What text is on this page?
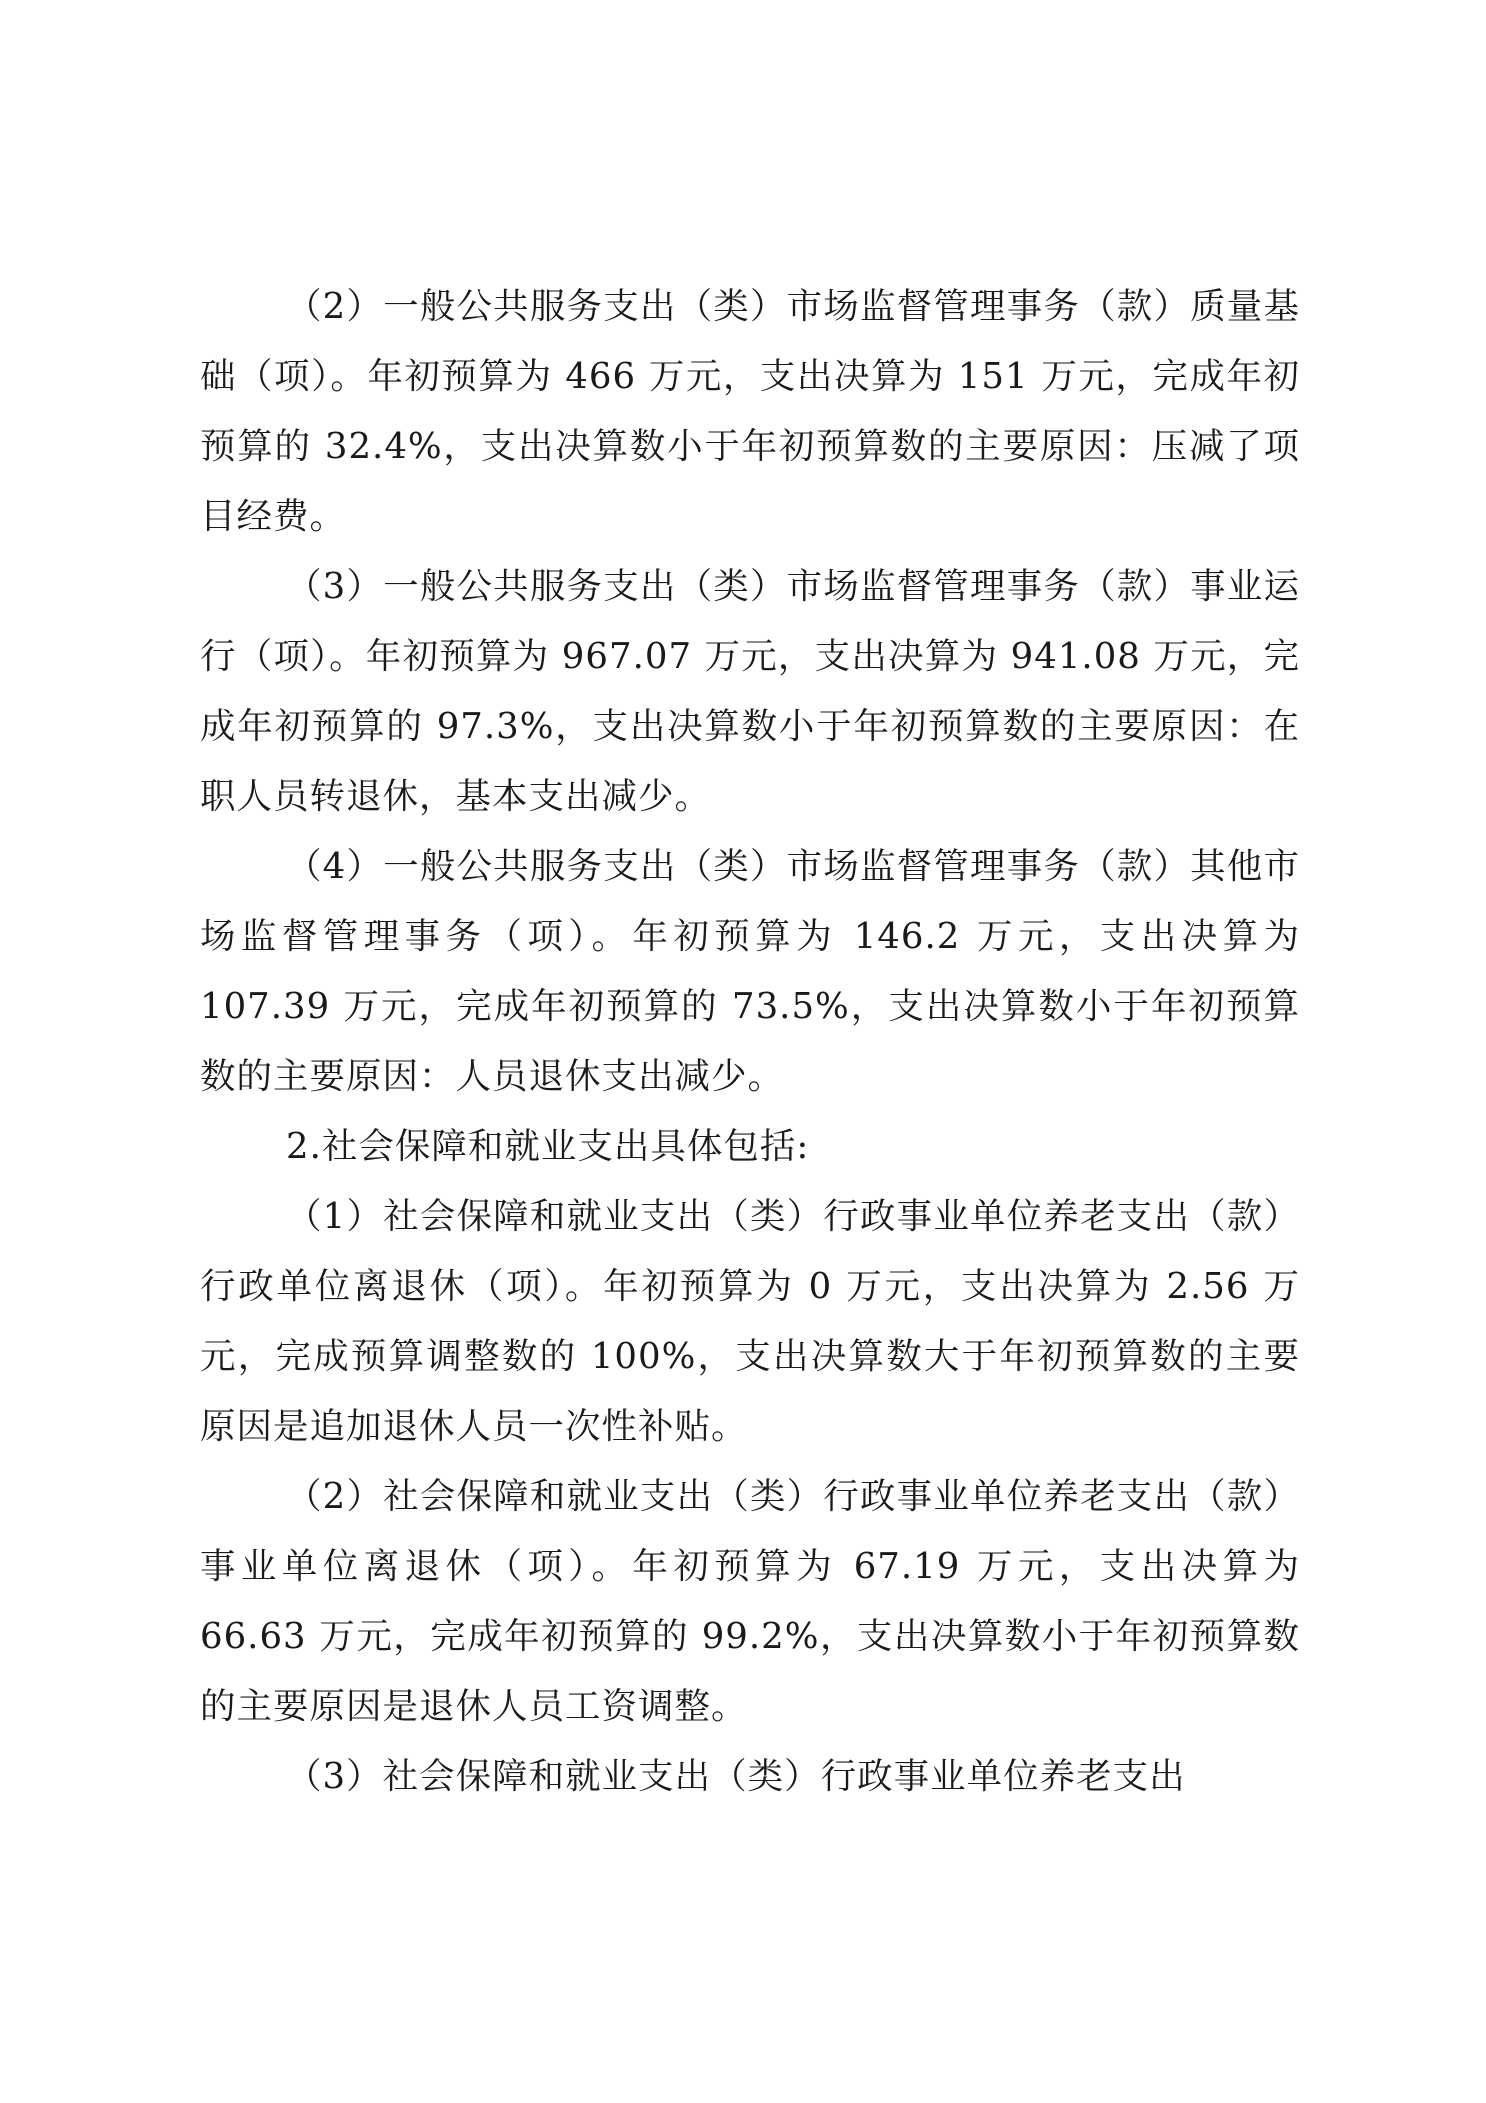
（2）一般公共服务支出（类）市场监督管理事务（款）质量基础（项）。年初预算为 466 万元，支出决算为 151 万元，完成年初预算的 32.4%，支出决算数小于年初预算数的主要原因：压减了项目经费。

（3）一般公共服务支出（类）市场监督管理事务（款）事业运行（项）。年初预算为 967.07 万元，支出决算为 941.08 万元，完成年初预算的 97.3%，支出决算数小于年初预算数的主要原因：在职人员转退休，基本支出减少。

（4）一般公共服务支出（类）市场监督管理事务（款）其他市场监督管理事务（项）。年初预算为 146.2 万元，支出决算为 107.39 万元，完成年初预算的 73.5%，支出决算数小于年初预算数的主要原因：人员退休支出减少。

2.社会保障和就业支出具体包括:

（1）社会保障和就业支出（类）行政事业单位养老支出（款）行政单位离退休（项）。年初预算为 0 万元，支出决算为 2.56 万元，完成预算调整数的 100%，支出决算数大于年初预算数的主要原因是追加退休人员一次性补贴。

（2）社会保障和就业支出（类）行政事业单位养老支出（款）事业单位离退休（项）。年初预算为 67.19 万元，支出决算为 66.63 万元，完成年初预算的 99.2%，支出决算数小于年初预算数的主要原因是退休人员工资调整。

（3）社会保障和就业支出（类）行政事业单位养老支出
